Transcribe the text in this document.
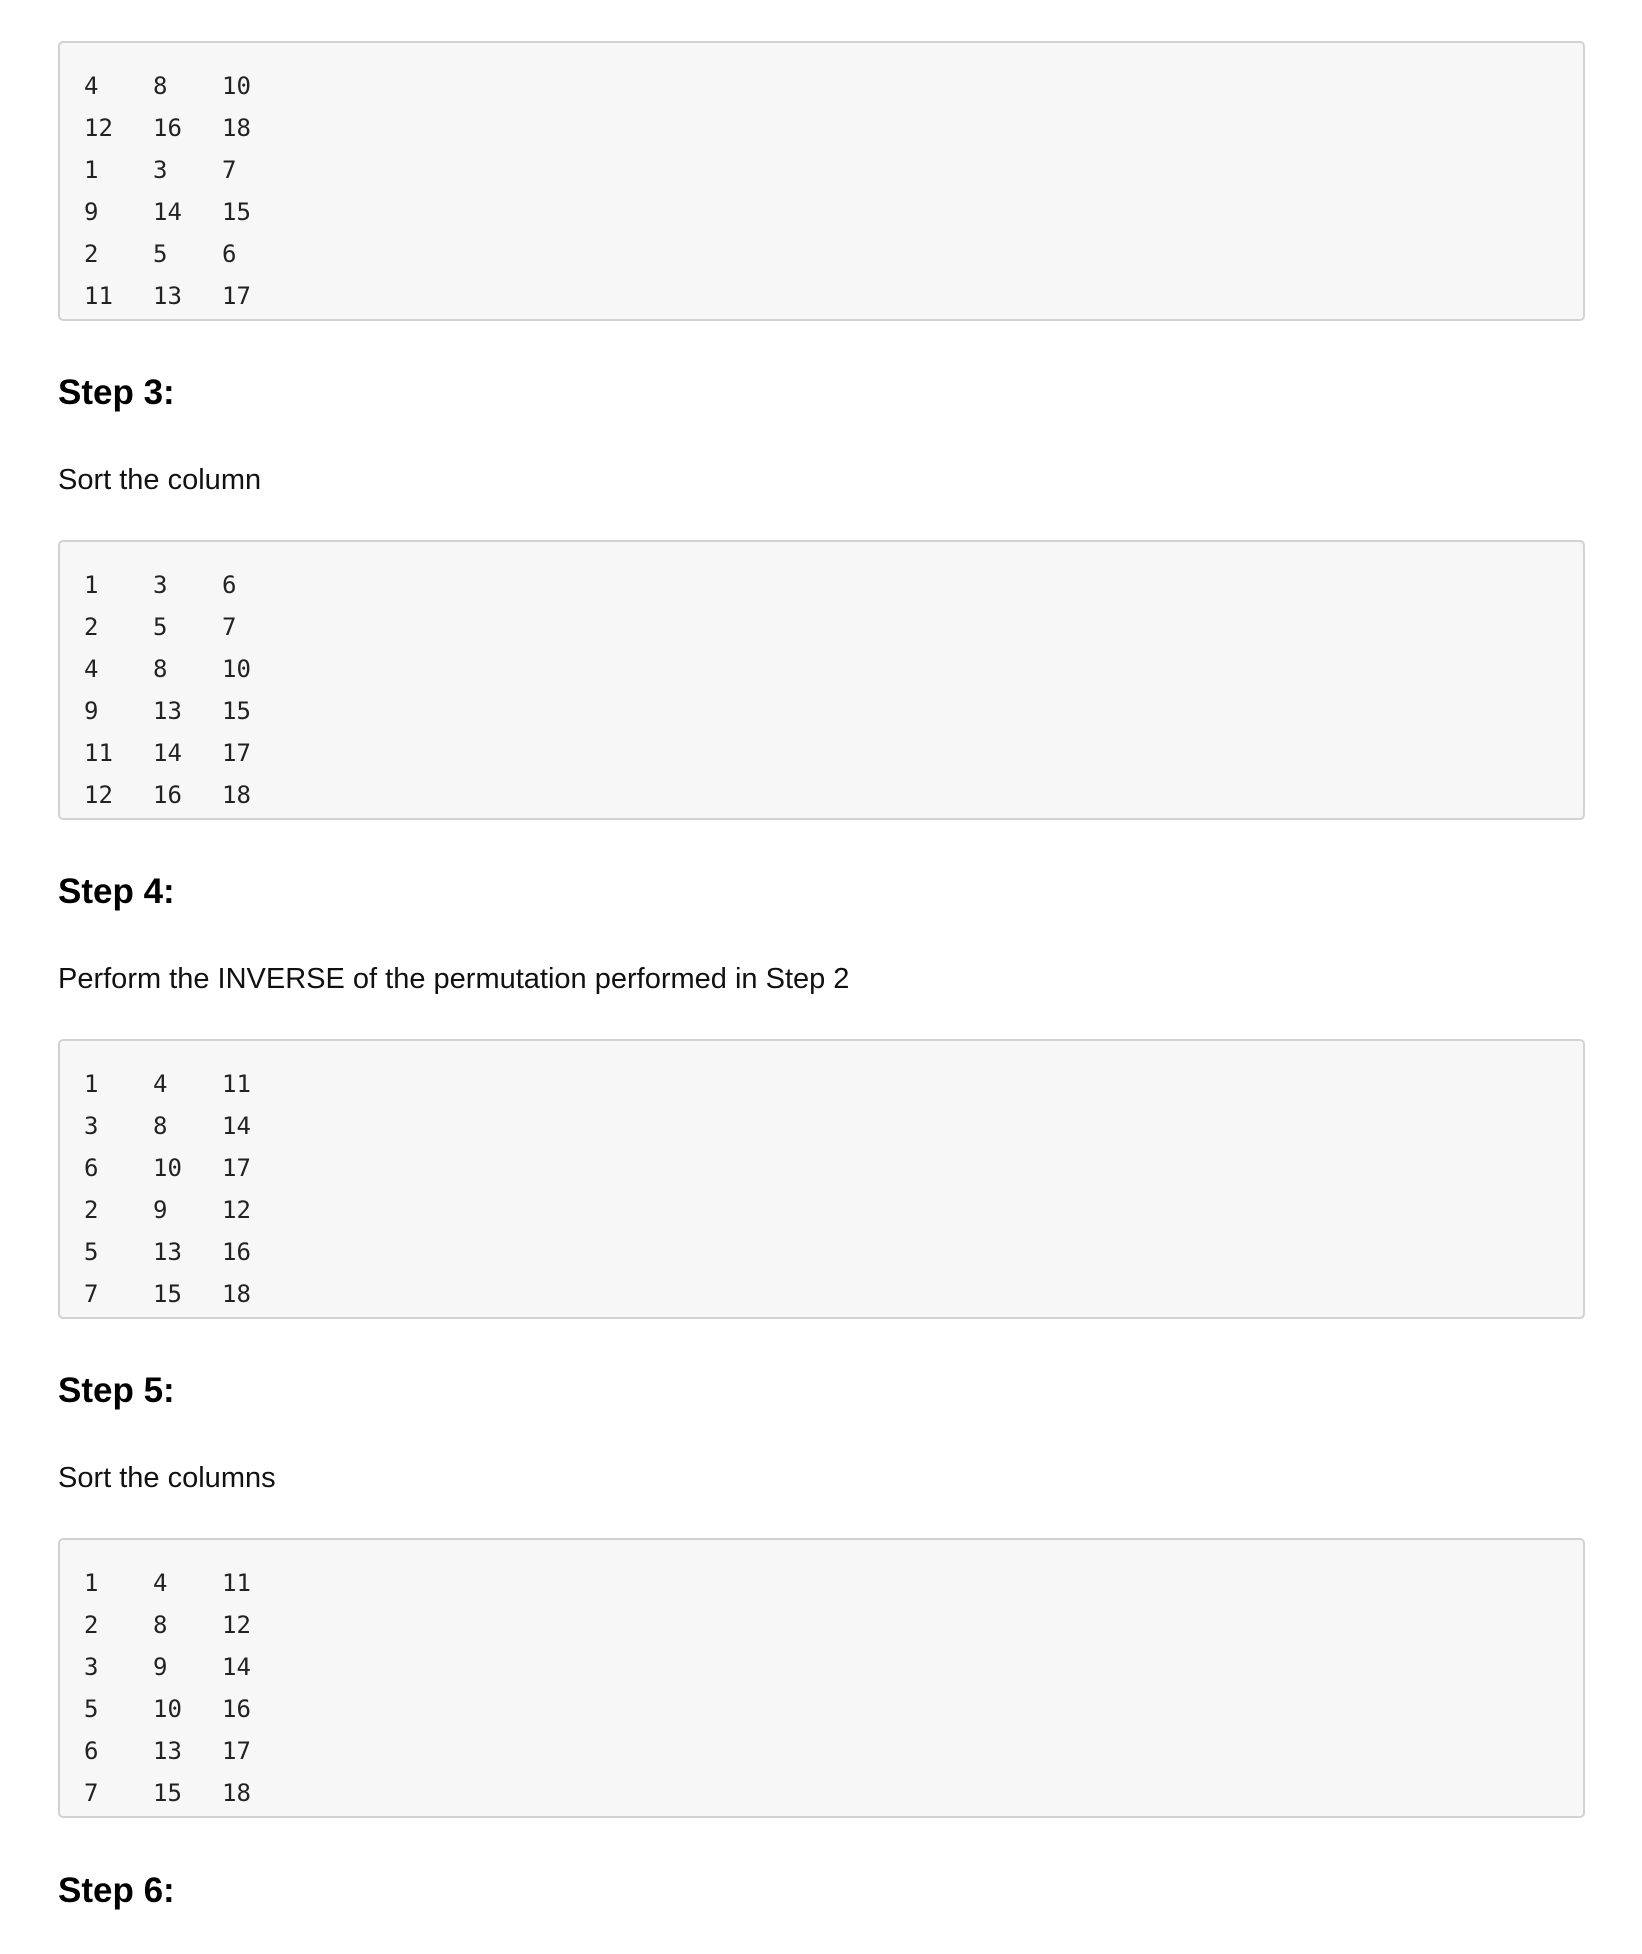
4	8	10
12	16	18
1	3	7
9	14	15
2	5	6
11	13	17
Step 3:

Sort the column

1	3	6
2	5	7
4	8	10
9	13	15
11	14	17
12	16	18
Step 4:

Perform the INVERSE of the permutation performed in Step 2

1	4	11
3	8	14
6	10	17
2	9	12
5	13	16
7	15	18
Step 5:

Sort the columns

1	4	11
2	8	12
3	9	14
5	10	16
6	13	17
7	15	18
Step 6:
